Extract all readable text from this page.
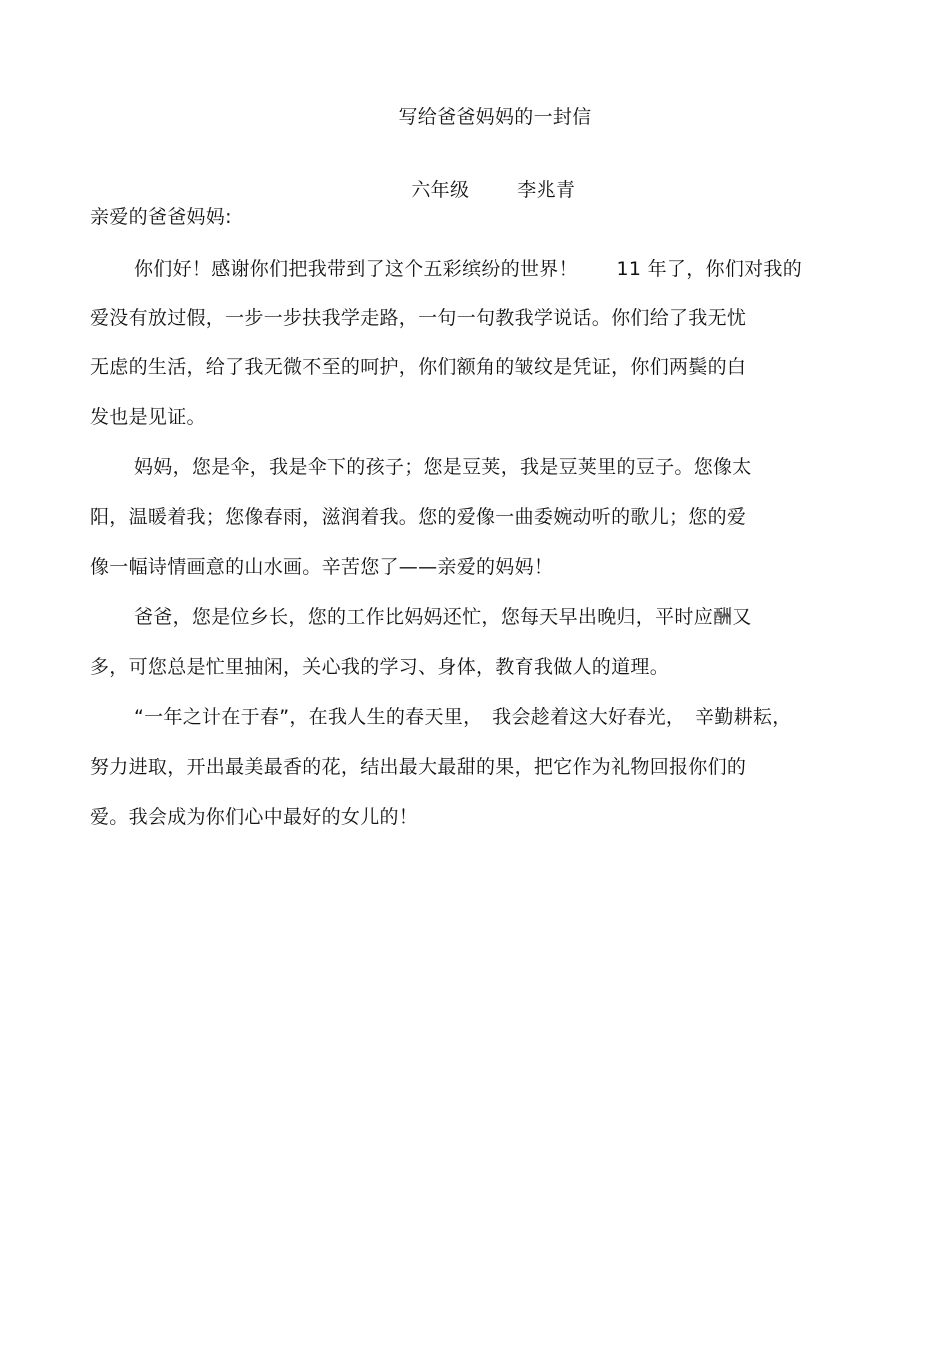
写给爸爸妈妈的一封信

六年级	李兆青

亲爱的爸爸妈妈:
你们好！感谢你们把我带到了这个五彩缤纷的世界！　　11 年了，你们对我的
爱没有放过假，一步一步扶我学走路，一句一句教我学说话。你们给了我无忧
无虑的生活，给了我无微不至的呵护，你们额角的皱纹是凭证，你们两鬓的白
发也是见证。
妈妈，您是伞，我是伞下的孩子；您是豆荚，我是豆荚里的豆子。您像太
阳，温暖着我；您像春雨，滋润着我。您的爱像一曲委婉动听的歌儿；您的爱
像一幅诗情画意的山水画。辛苦您了——亲爱的妈妈！
爸爸，您是位乡长，您的工作比妈妈还忙，您每天早出晚归，平时应酬又
多，可您总是忙里抽闲，关心我的学习、身体，教育我做人的道理。
“一年之计在于春”，在我人生的春天里，　我会趁着这大好春光，　辛勤耕耘，
努力进取，开出最美最香的花，结出最大最甜的果，把它作为礼物回报你们的
爱。我会成为你们心中最好的女儿的！
